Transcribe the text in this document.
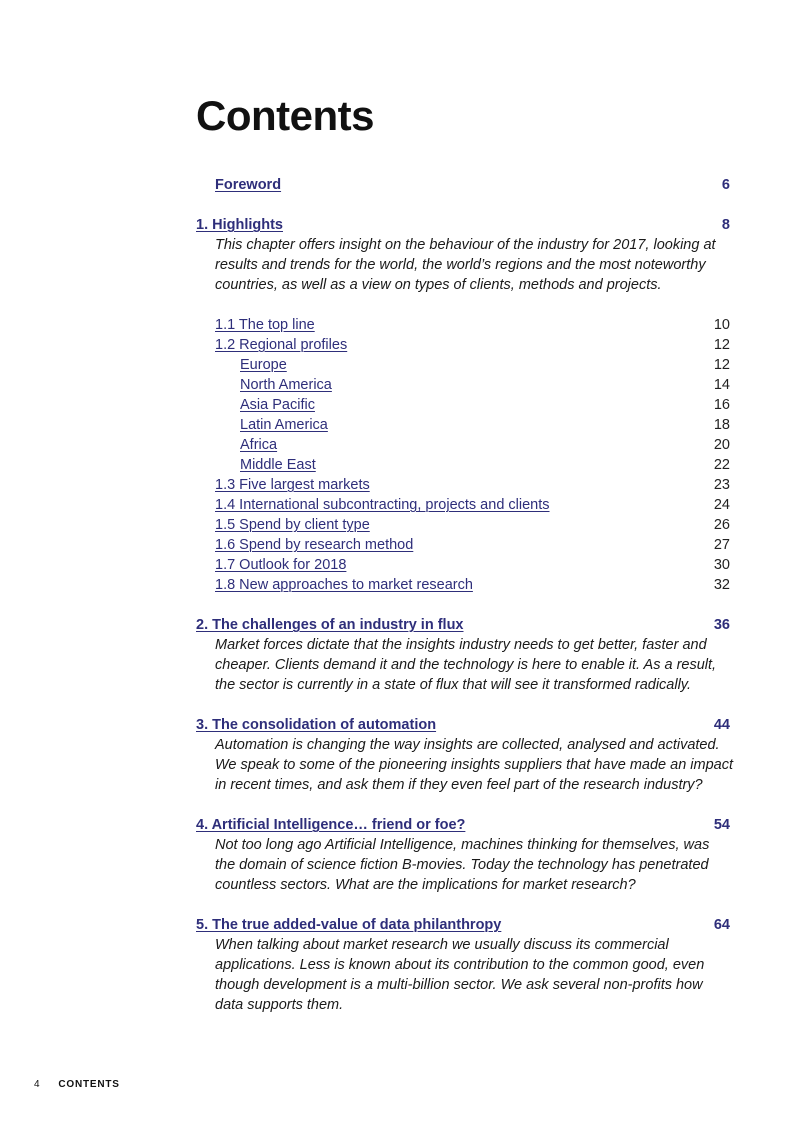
Contents
Foreword	6
1. Highlights	8
This chapter offers insight on the behaviour of the industry for 2017, looking at
results and trends for the world, the world’s regions and the most noteworthy
countries, as well as a view on types of clients, methods and projects.
1.1 The top line	10
1.2 Regional profiles	12
Europe	12
North America	14
Asia Pacific	16
Latin America	18
Africa	20
Middle East	22
1.3 Five largest markets	23
1.4 International subcontracting, projects and clients	24
1.5 Spend by client type	26
1.6 Spend by research method	27
1.7 Outlook for 2018	30
1.8 New approaches to market research	32
2. The challenges of an industry in flux	36
Market forces dictate that the insights industry needs to get better, faster and
cheaper. Clients demand it and the technology is here to enable it. As a result,
the sector is currently in a state of flux that will see it transformed radically.
3. The consolidation of automation	44
Automation is changing the way insights are collected, analysed and activated.
We speak to some of the pioneering insights suppliers that have made an impact
in recent times, and ask them if they even feel part of the research industry?
4. Artificial Intelligence… friend or foe?	54
Not too long ago Artificial Intelligence, machines thinking for themselves, was
the domain of science fiction B-movies. Today the technology has penetrated
countless sectors. What are the implications for market research?
5. The true added-value of data philanthropy	64
When talking about market research we usually discuss its commercial
applications. Less is known about its contribution to the common good, even
though development is a multi-billion sector. We ask several non-profits how
data supports them.
4 CONTENTS
